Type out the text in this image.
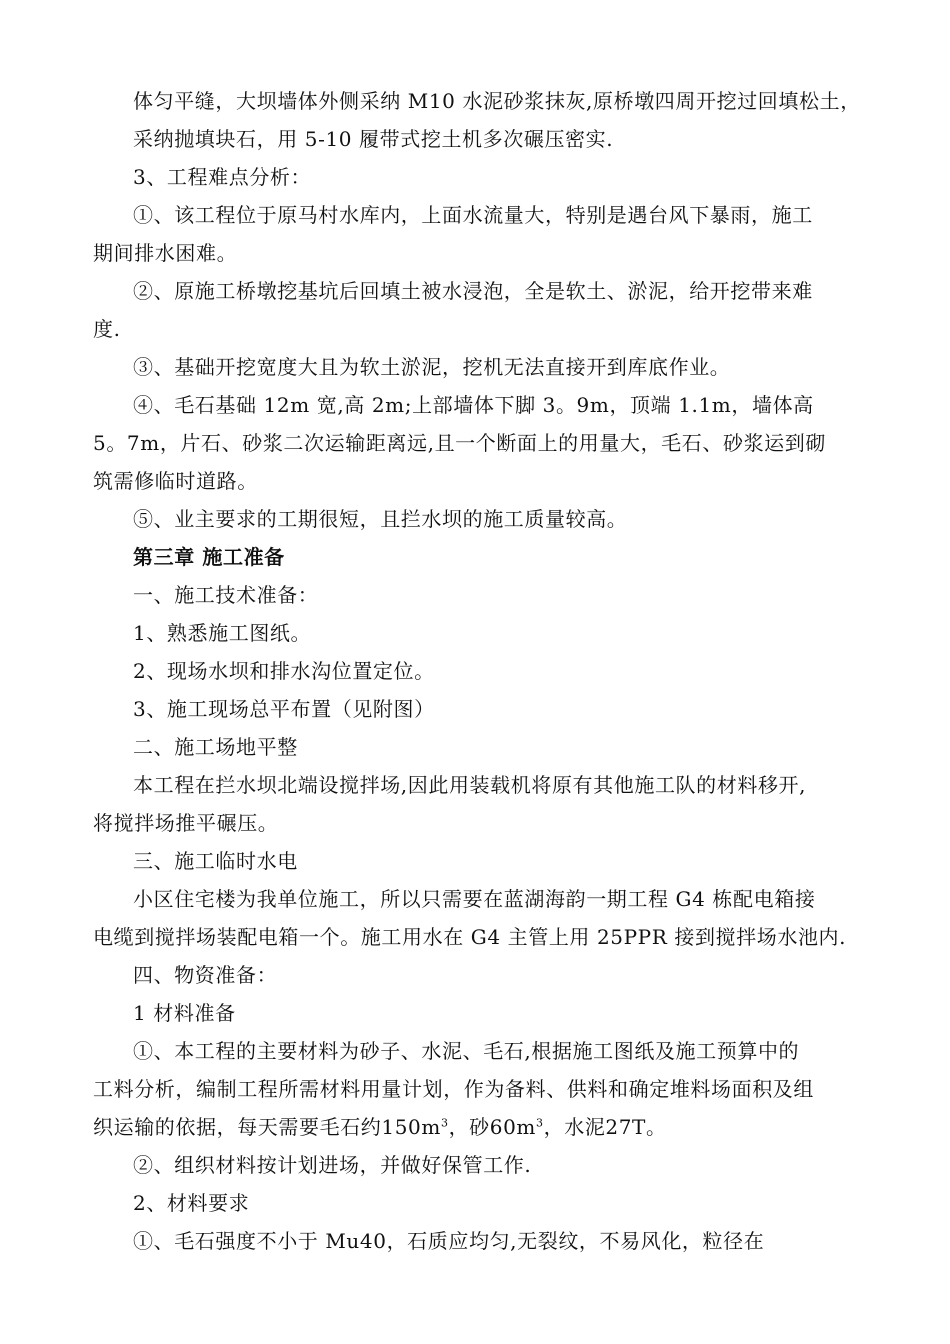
体匀平缝，大坝墙体外侧采纳 M10 水泥砂浆抹灰,原桥墩四周开挖过回填松土，
采纳抛填块石，用 5-10 履带式挖土机多次碾压密实.
3、工程难点分析：
①、该工程位于原马村水库内，上面水流量大，特别是遇台风下暴雨，施工
期间排水困难。
②、原施工桥墩挖基坑后回填土被水浸泡，全是软土、淤泥，给开挖带来难
度.
③、基础开挖宽度大且为软土淤泥，挖机无法直接开到库底作业。
④、毛石基础 12m 宽,高 2m;上部墙体下脚 3。9m，顶端 1.1m，墙体高
5。7m，片石、砂浆二次运输距离远,且一个断面上的用量大，毛石、砂浆运到砌
筑需修临时道路。
⑤、业主要求的工期很短，且拦水坝的施工质量较高。
第三章 施工准备
一、施工技术准备：
1、熟悉施工图纸。
2、现场水坝和排水沟位置定位。
3、施工现场总平布置（见附图）
二、施工场地平整
本工程在拦水坝北端设搅拌场,因此用装载机将原有其他施工队的材料移开,
将搅拌场推平碾压。
三、施工临时水电
小区住宅楼为我单位施工，所以只需要在蓝湖海韵一期工程 G4 栋配电箱接
电缆到搅拌场装配电箱一个。施工用水在 G4 主管上用 25PPR 接到搅拌场水池内.
四、物资准备：
1 材料准备
①、本工程的主要材料为砂子、水泥、毛石,根据施工图纸及施工预算中的
工料分析，编制工程所需材料用量计划，作为备料、供料和确定堆料场面积及组
织运输的依据，每天需要毛石约$150m^3$，砂$60m^3$，水泥27T。
②、组织材料按计划进场，并做好保管工作.
2、材料要求
①、毛石强度不小于 Mu40，石质应均匀,无裂纹，不易风化，粒径在
